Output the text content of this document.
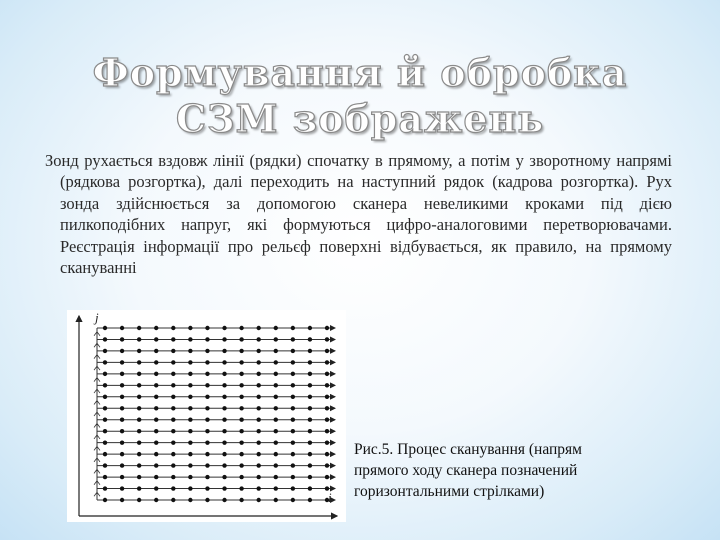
Формування й обробка
СЗМ зображень
Зонд рухається вздовж лінії (рядки) спочатку в прямому, а потім у зворотному напрямі (рядкова розгортка), далі переходить на наступний рядок (кадрова розгортка). Рух зонда здійснюється за допомогою сканера невеликими кроками під дією пилкоподібних напруг, які формуються цифро-аналоговими перетворювачами. Реєстрація інформації про рельєф поверхні відбувається, як правило, на прямому скануванні
j
i
Рис.5. Процес сканування (напрям прямого ходу сканера позначений горизонтальними стрілками)
